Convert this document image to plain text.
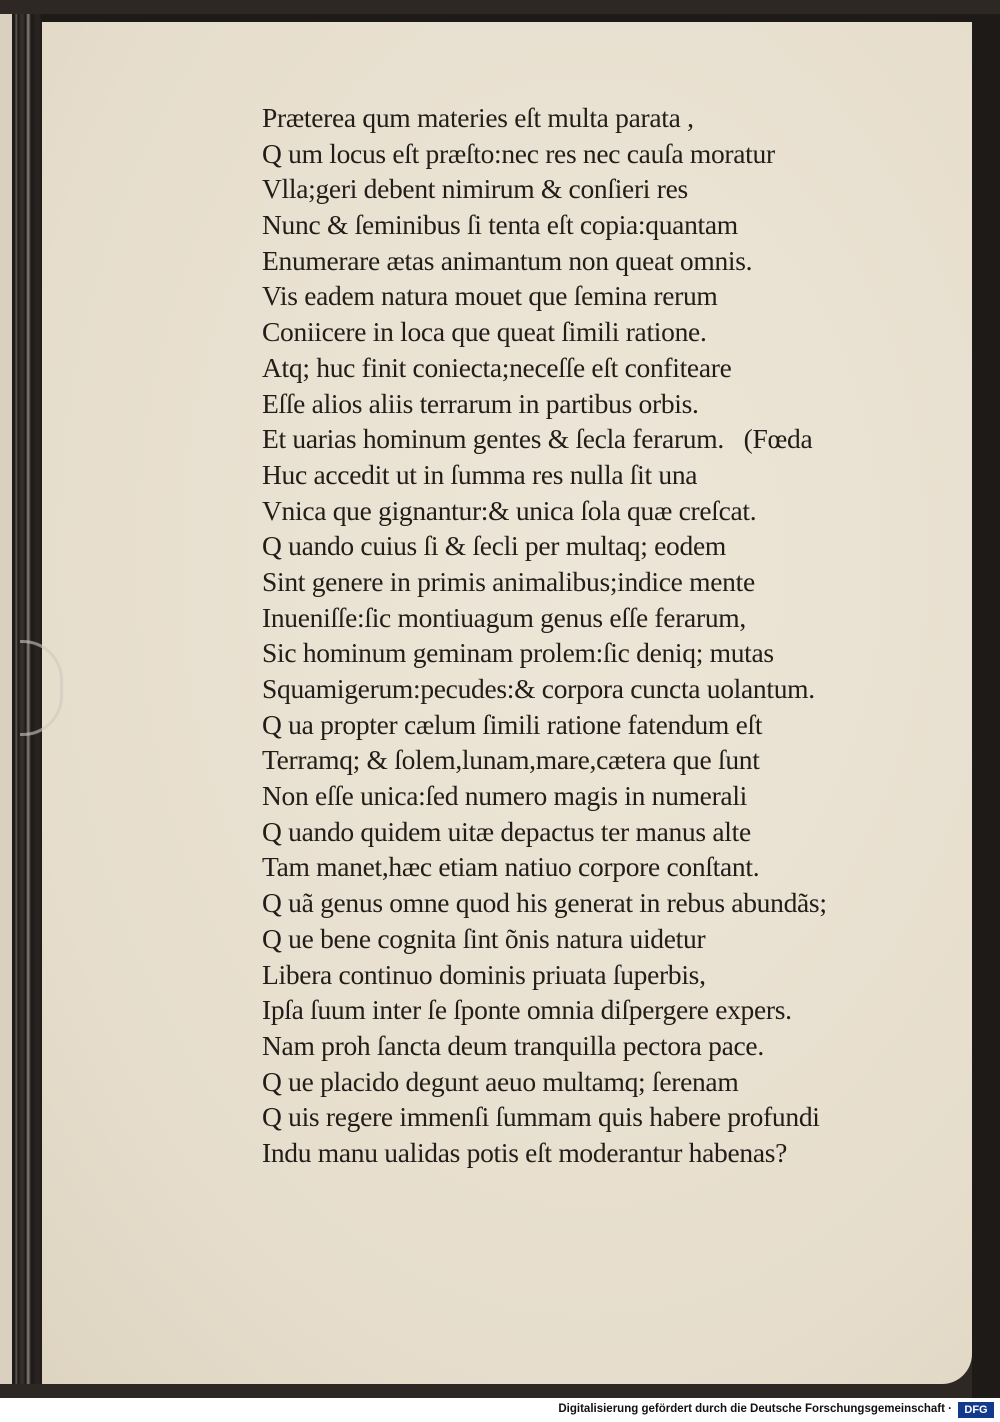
Præterea qum materies eſt multa parata ,
Q um locus eſt præſto:nec res nec cauſa moratur
Vlla;geri debent nimirum & conſieri res
Nunc & ſeminibus ſi tenta eſt copia:quantam
Enumerare ætas animantum non queat omnis.
Vis eadem natura mouet que ſemina rerum
Coniicere in loca que queat ſimili ratione.
Atq; huc finit coniecta;neceſſe eſt confiteare
Eſſe alios aliis terrarum in partibus orbis.
Et uarias hominum gentes & ſecla ferarum.   (Fœda
Huc accedit ut in ſumma res nulla ſit una
Vnica que gignantur:& unica ſola quæ creſcat.
Q uando cuius ſi & ſecli per multaq; eodem
Sint genere in primis animalibus;indice mente
Inueniſſe:ſic montiuagum genus eſſe ferarum,
Sic hominum geminam prolem:ſic deniq; mutas
Squamigerum:pecudes:& corpora cuncta uolantum.
Q ua propter cælum ſimili ratione fatendum eſt
Terramq; & ſolem,lunam,mare,cætera que ſunt
Non eſſe unica:ſed numero magis in numerali
Q uando quidem uitæ depactus ter manus alte
Tam manet,hæc etiam natiuo corpore conſtant.
Q uã genus omne quod his generat in rebus abundãs;
Q ue bene cognita ſint õnis natura uidetur
Libera continuo dominis priuata ſuperbis,
Ipſa ſuum inter ſe ſponte omnia diſpergere expers.
Nam proh ſancta deum tranquilla pectora pace.
Q ue placido degunt aeuo multamq; ſerenam
Q uis regere immenſi ſummam quis habere profundi
Indu manu ualidas potis eſt moderantur habenas?
Digitalisierung gefördert durch die Deutsche Forschungsgemeinschaft ·	DFG
